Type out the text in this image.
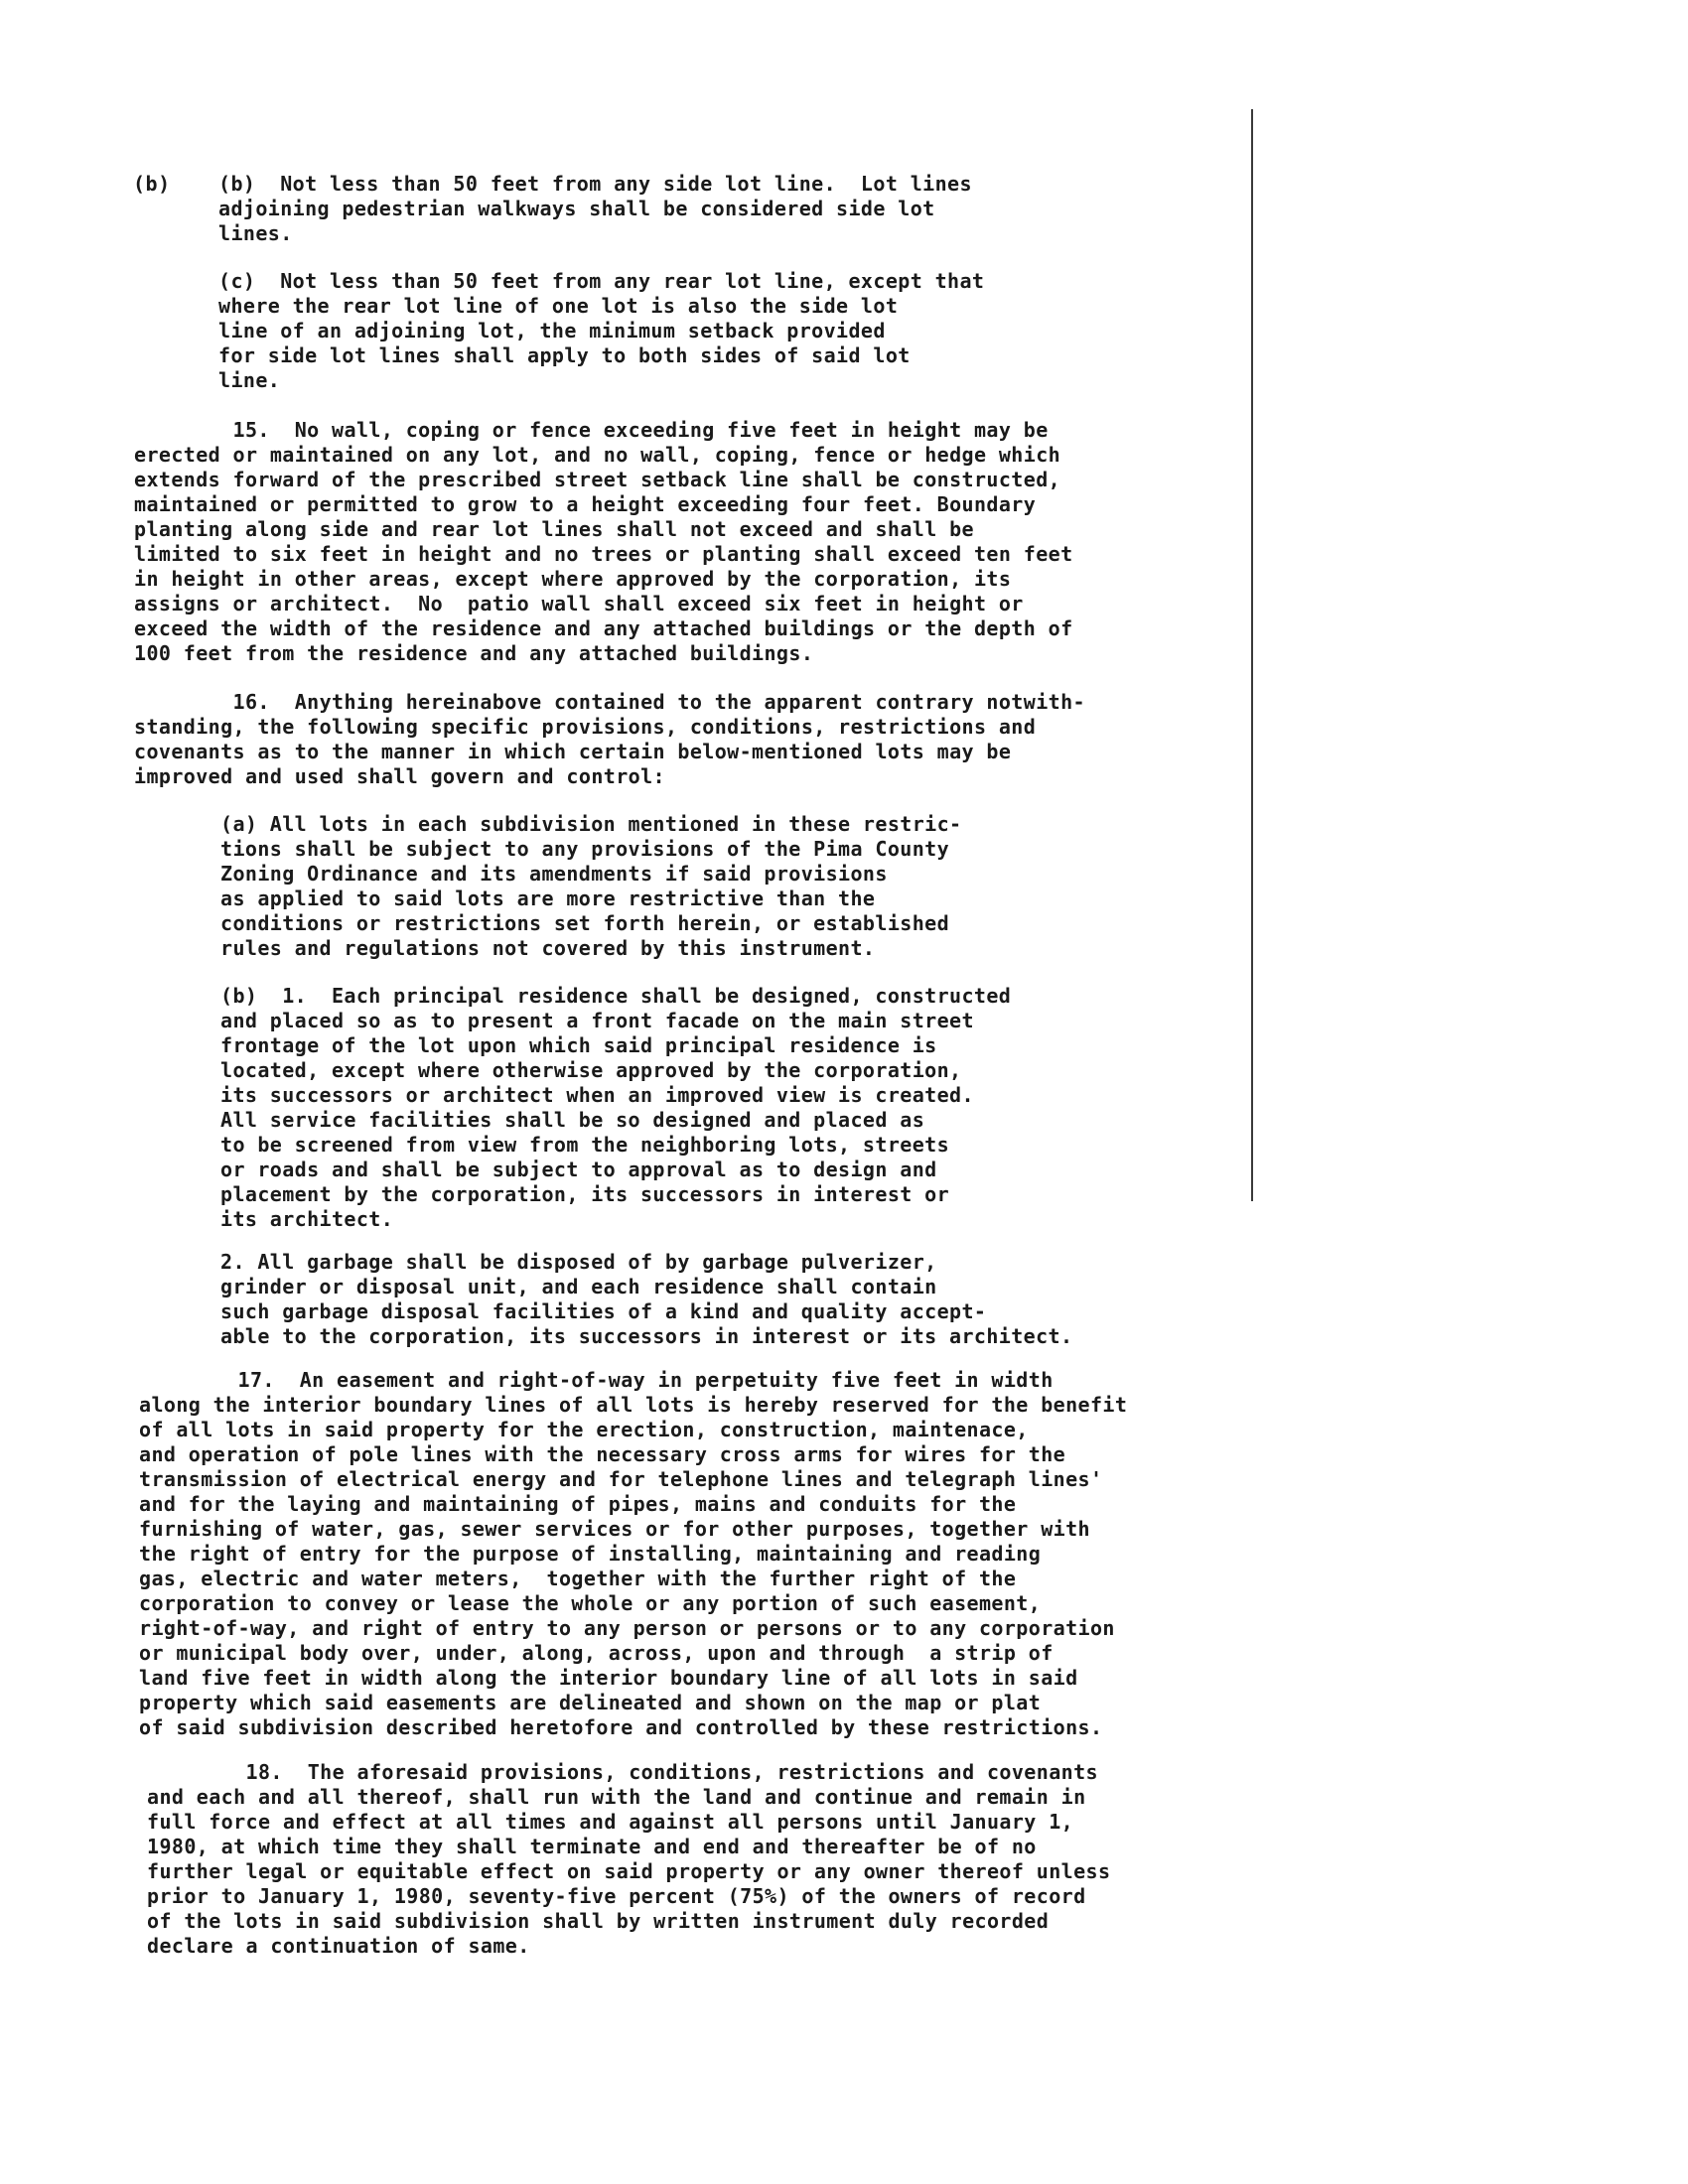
(b) (b)  Not less than 50 feet from any side lot line.  Lot lines
adjoining pedestrian walkways shall be considered side lot
lines.
(c)  Not less than 50 feet from any rear lot line, except that
where the rear lot line of one lot is also the side lot
line of an adjoining lot, the minimum setback provided
for side lot lines shall apply to both sides of said lot
line.
15.  No wall, coping or fence exceeding five feet in height may be
erected or maintained on any lot, and no wall, coping, fence or hedge which
extends forward of the prescribed street setback line shall be constructed,
maintained or permitted to grow to a height exceeding four feet. Boundary
planting along side and rear lot lines shall not exceed and shall be
limited to six feet in height and no trees or planting shall exceed ten feet
in height in other areas, except where approved by the corporation, its
assigns or architect.  No  patio wall shall exceed six feet in height or
exceed the width of the residence and any attached buildings or the depth of
100 feet from the residence and any attached buildings.
16.  Anything hereinabove contained to the apparent contrary notwith-
standing, the following specific provisions, conditions, restrictions and
covenants as to the manner in which certain below-mentioned lots may be
improved and used shall govern and control:
(a) All lots in each subdivision mentioned in these restric-
tions shall be subject to any provisions of the Pima County
Zoning Ordinance and its amendments if said provisions
as applied to said lots are more restrictive than the
conditions or restrictions set forth herein, or established
rules and regulations not covered by this instrument.
(b)  1.  Each principal residence shall be designed, constructed
and placed so as to present a front facade on the main street
frontage of the lot upon which said principal residence is
located, except where otherwise approved by the corporation,
its successors or architect when an improved view is created.
All service facilities shall be so designed and placed as
to be screened from view from the neighboring lots, streets
or roads and shall be subject to approval as to design and
placement by the corporation, its successors in interest or
its architect.
2. All garbage shall be disposed of by garbage pulverizer,
grinder or disposal unit, and each residence shall contain
such garbage disposal facilities of a kind and quality accept-
able to the corporation, its successors in interest or its architect.
17.  An easement and right-of-way in perpetuity five feet in width
along the interior boundary lines of all lots is hereby reserved for the benefit
of all lots in said property for the erection, construction, maintenace,
and operation of pole lines with the necessary cross arms for wires for the
transmission of electrical energy and for telephone lines and telegraph lines'
and for the laying and maintaining of pipes, mains and conduits for the
furnishing of water, gas, sewer services or for other purposes, together with
the right of entry for the purpose of installing, maintaining and reading
gas, electric and water meters,  together with the further right of the
corporation to convey or lease the whole or any portion of such easement,
right-of-way, and right of entry to any person or persons or to any corporation
or municipal body over, under, along, across, upon and through  a strip of
land five feet in width along the interior boundary line of all lots in said
property which said easements are delineated and shown on the map or plat
of said subdivision described heretofore and controlled by these restrictions.
18.  The aforesaid provisions, conditions, restrictions and covenants
and each and all thereof, shall run with the land and continue and remain in
full force and effect at all times and against all persons until January 1,
1980, at which time they shall terminate and end and thereafter be of no
further legal or equitable effect on said property or any owner thereof unless
prior to January 1, 1980, seventy-five percent (75%) of the owners of record
of the lots in said subdivision shall by written instrument duly recorded
declare a continuation of same.
